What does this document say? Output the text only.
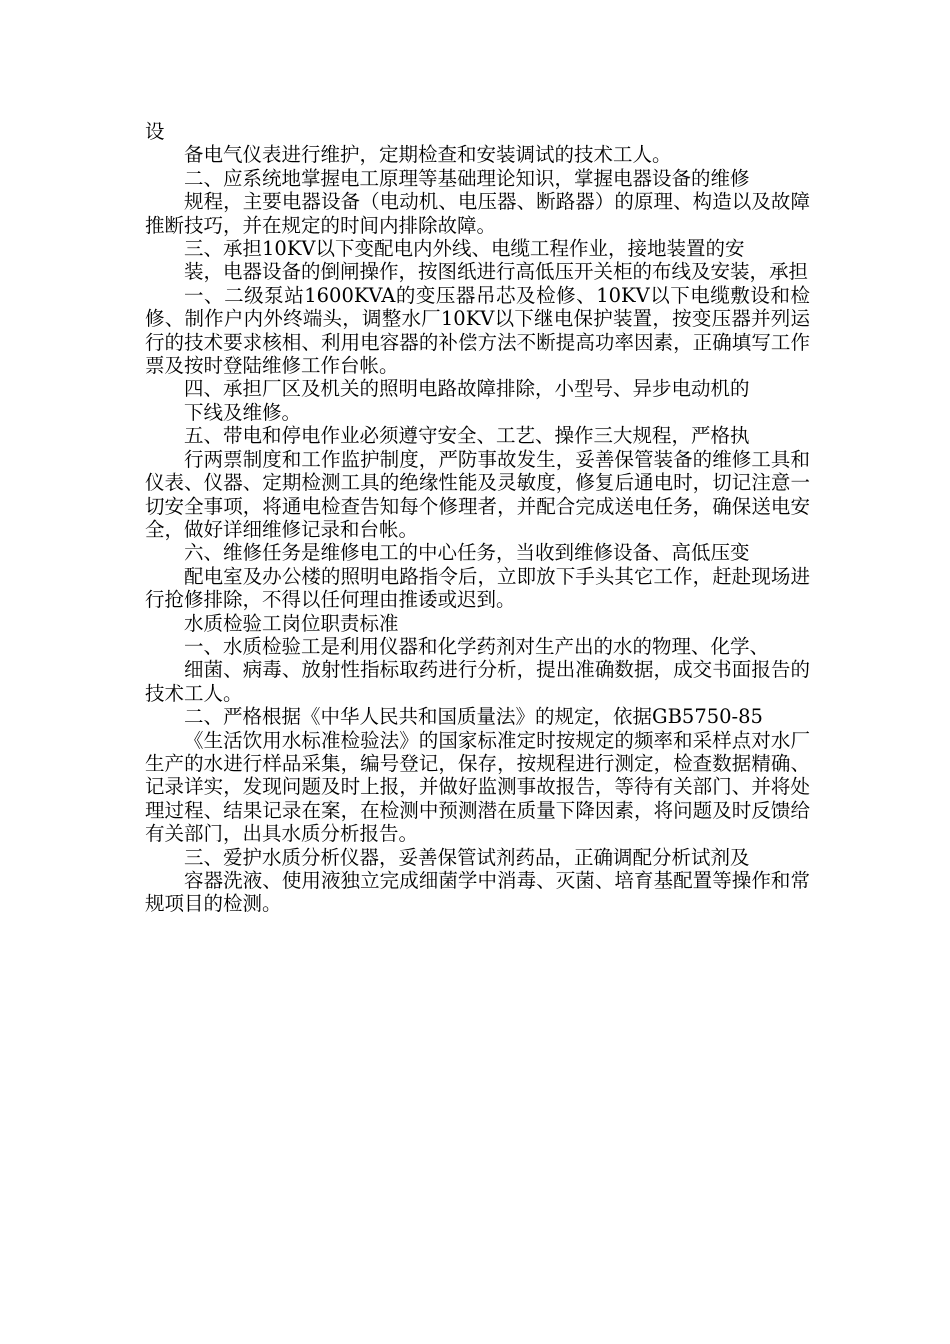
设

备电气仪表进行维护，定期检查和安装调试的技术工人。

二、应系统地掌握电工原理等基础理论知识，掌握电器设备的维修

规程，主要电器设备（电动机、电压器、断路器）的原理、构造以及故障推断技巧，并在规定的时间内排除故障。

三、承担10KV以下变配电内外线、电缆工程作业，接地装置的安

装，电器设备的倒闸操作，按图纸进行高低压开关柜的布线及安装，承担

一、二级泵站1600KVA的变压器吊芯及检修、10KV以下电缆敷设和检修、制作户内外终端头，调整水厂10KV以下继电保护装置，按变压器并列运行的技术要求核相、利用电容器的补偿方法不断提高功率因素，正确填写工作票及按时登陆维修工作台帐。

四、承担厂区及机关的照明电路故障排除，小型号、异步电动机的

下线及维修。

五、带电和停电作业必须遵守安全、工艺、操作三大规程，严格执

行两票制度和工作监护制度，严防事故发生，妥善保管装备的维修工具和仪表、仪器、定期检测工具的绝缘性能及灵敏度，修复后通电时，切记注意一切安全事项，将通电检查告知每个修理者，并配合完成送电任务，确保送电安全，做好详细维修记录和台帐。

六、维修任务是维修电工的中心任务，当收到维修设备、高低压变

配电室及办公楼的照明电路指令后，立即放下手头其它工作，赶赴现场进行抢修排除，不得以任何理由推诿或迟到。

水质检验工岗位职责标准

一、水质检验工是利用仪器和化学药剂对生产出的水的物理、化学、

细菌、病毒、放射性指标取药进行分析，提出准确数据，成交书面报告的技术工人。

二、严格根据《中华人民共和国质量法》的规定，依据GB5750-85

《生活饮用水标准检验法》的国家标准定时按规定的频率和采样点对水厂生产的水进行样品采集，编号登记，保存，按规程进行测定，检查数据精确、记录详实，发现问题及时上报，并做好监测事故报告，等待有关部门、并将处理过程、结果记录在案，在检测中预测潜在质量下降因素，将问题及时反馈给有关部门，出具水质分析报告。

三、爱护水质分析仪器，妥善保管试剂药品，正确调配分析试剂及

容器洗液、使用液独立完成细菌学中消毒、灭菌、培育基配置等操作和常规项目的检测。
